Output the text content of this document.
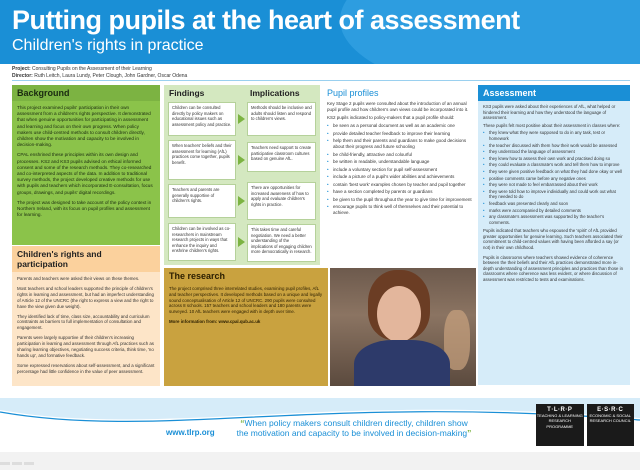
Putting pupils at the heart of assessment
Children's rights in practice
Project: Consulting Pupils on the Assessment of their Learning
Director: Ruth Leitch, Laura Lundy, Peter Clough, John Gardner, Oscar Odena
Background

This project examined pupils' participation in their own assessment from a children's rights perspective. It demonstrated that when genuine opportunities for participating in assessment and learning and focus on their own progress. When policy makers use child-centred methods to consult children directly, children show the motivation and capacity to be involved in decision-making.

CPAL enshrined these principles within its own design and processes. KS2 and KS3 pupils advised on ethical informed consent and some of the research methods. They co-researched and co-interpreted aspects of the data. In addition to traditional survey methods, the project developed creative methods for use with pupils and teachers which incorporated E-consultation, focus groups, drawings, and pupils' digital recordings.

The project was designed to take account of the policy context in Northern Ireland, with its focus on pupil profiles and assessment for learning.

Findings	Implications
Children can be consulted directly by policy makers on educational issues such as assessment policy and practice.
Methods should be inclusive and adults should listen and respond to children's views.
When teachers' beliefs and their assessment for learning (AfL) practices come together, pupils benefit.
Teachers need support to create participative classroom cultures based on genuine AfL.
Teachers and parents are generally supportive of children's rights.
There are opportunities for increased awareness of how to apply and evaluate children's rights in practice.
Children can be involved as co-researchers in mainstream research projects in ways that enhance the inquiry and enshrine children's rights.
This takes time and careful negotiation. We need a better understanding of the implications of engaging children more democratically in research.
Pupil profiles

Key Stage 2 pupils were consulted about the introduction of an annual pupil profile and how children's own views could be incorporated into it.

KS2 pupils indicated to policy-makers that a pupil profile should:

• be seen as a personal document as well as an academic one
• provide detailed teacher feedback to improve their learning
• help them and their parents and guardians to make good decisions about their progress and future schooling
• be child-friendly, attractive and colourful
• be written in readable, understandable language
• include a voluntary section for pupil self-assessment
• include a picture of a pupil's wider abilities and achievements
• contain 'best work' examples chosen by teacher and pupil together
• have a section completed by parents or guardians
• be given to the pupil throughout the year to give time for improvement
• encourage pupils to think well of themselves and their potential to achieve.
Assessment

KS3 pupils were asked about their experiences of AfL, what helped or hindered their learning and how they understood the language of assessment.

These pupils felt most positive about their assessment in classes where:

• they knew what they were supposed to do in any task, test or homework
• the teacher discussed with them how their work would be assessed
• they understood the language of assessment
• they knew how to assess their own work and practised doing so
• they could evaluate a classmate's work and tell them how to improve
• they were given positive feedback on what they had done okay or well
• positive comments came before any negative ones
• they were not made to feel embarrassed about their work
• they were told how to improve individually and could work out what they needed to do
• feedback was presented clearly and soon
• marks were accompanied by detailed comments
• any classmate's assessment was supported by the teacher's comments.

Pupils indicated that teachers who espoused the 'spirit' of AfL provided greater opportunities for genuine learning. Such teachers associated their commitment to child-centred values with having been afforded a say (or not) in their own childhood.

Pupils in classrooms where teachers showed evidence of coherence between the their beliefs and their AfL practices demonstrated more in-depth understanding of assessment principles and practices than those in classrooms where coherence was less evident, or where discussion of assessment was restricted to tests and examinations.

Children's rights and participation

Parents and teachers were asked their views on these themes.

Most teachers and school leaders supported the principle of children's rights in learning and assessment, but had an imperfect understanding of Article 12 of the UNCRC (the right to express a view and the right to have the view given due weight).

They identified lack of time, class size, accountability and curriculum constraints as barriers to full implementation of consultation and engagement.

Parents were largely supportive of their children's increasing participation in learning and assessment through AfL practices such as sharing learning objectives, negotiating success criteria, think time, 'no hands up', and formative feedback.

Some expressed reservations about self-assessment, and a significant percentage had little confidence in the value of peer assessment.

The research

The project comprised three interrelated studies, examining pupil profiles, AfL and teacher perspectives. It developed methods based on a unique and legally sound conceptualisation of Article 12 of UNCRC. 290 pupils were consulted across 8 schools. 157 teachers and school leaders and 180 parents were surveyed. 10 AfL teachers were engaged with in depth over time.

More information from: www.cpal.qub.ac.uk

www.tlrp.org
“When policy makers consult children directly, children show the motivation and capacity to be involved in decision-making”
T·L·R·P
TEACHING & LEARNING RESEARCH PROGRAMME
E·S·R·C
ECONOMIC & SOCIAL RESEARCH COUNCIL
